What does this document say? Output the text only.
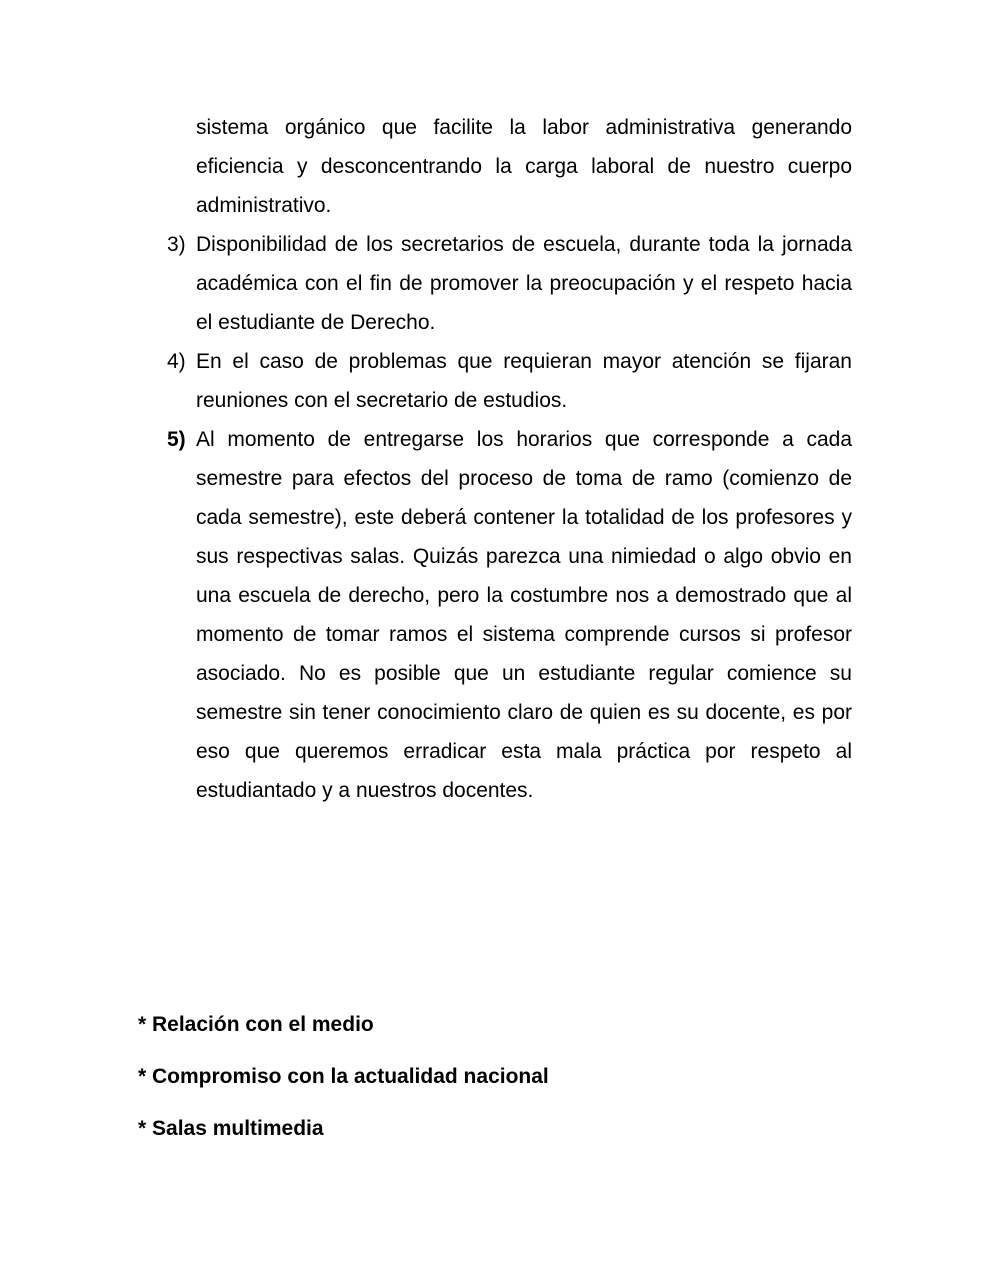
sistema orgánico que facilite la labor administrativa generando eficiencia y desconcentrando la carga laboral de nuestro cuerpo administrativo.
3) Disponibilidad de los secretarios de escuela, durante toda la jornada académica con el fin de promover la preocupación y el respeto hacia el estudiante de Derecho.
4) En el caso de problemas que requieran mayor atención se fijaran reuniones con el secretario de estudios.
5) Al momento de entregarse los horarios que corresponde a cada semestre para efectos del proceso de toma de ramo (comienzo de cada semestre), este deberá contener la totalidad de los profesores y sus respectivas salas. Quizás parezca una nimiedad o algo obvio en una escuela de derecho, pero la costumbre nos a demostrado que al momento de tomar ramos el sistema comprende cursos si profesor asociado. No es posible que un estudiante regular comience su semestre sin tener conocimiento claro de quien es su docente, es por eso que queremos erradicar esta mala práctica por respeto al estudiantado y a nuestros docentes.
* Relación con el medio
* Compromiso con la actualidad nacional
* Salas multimedia
